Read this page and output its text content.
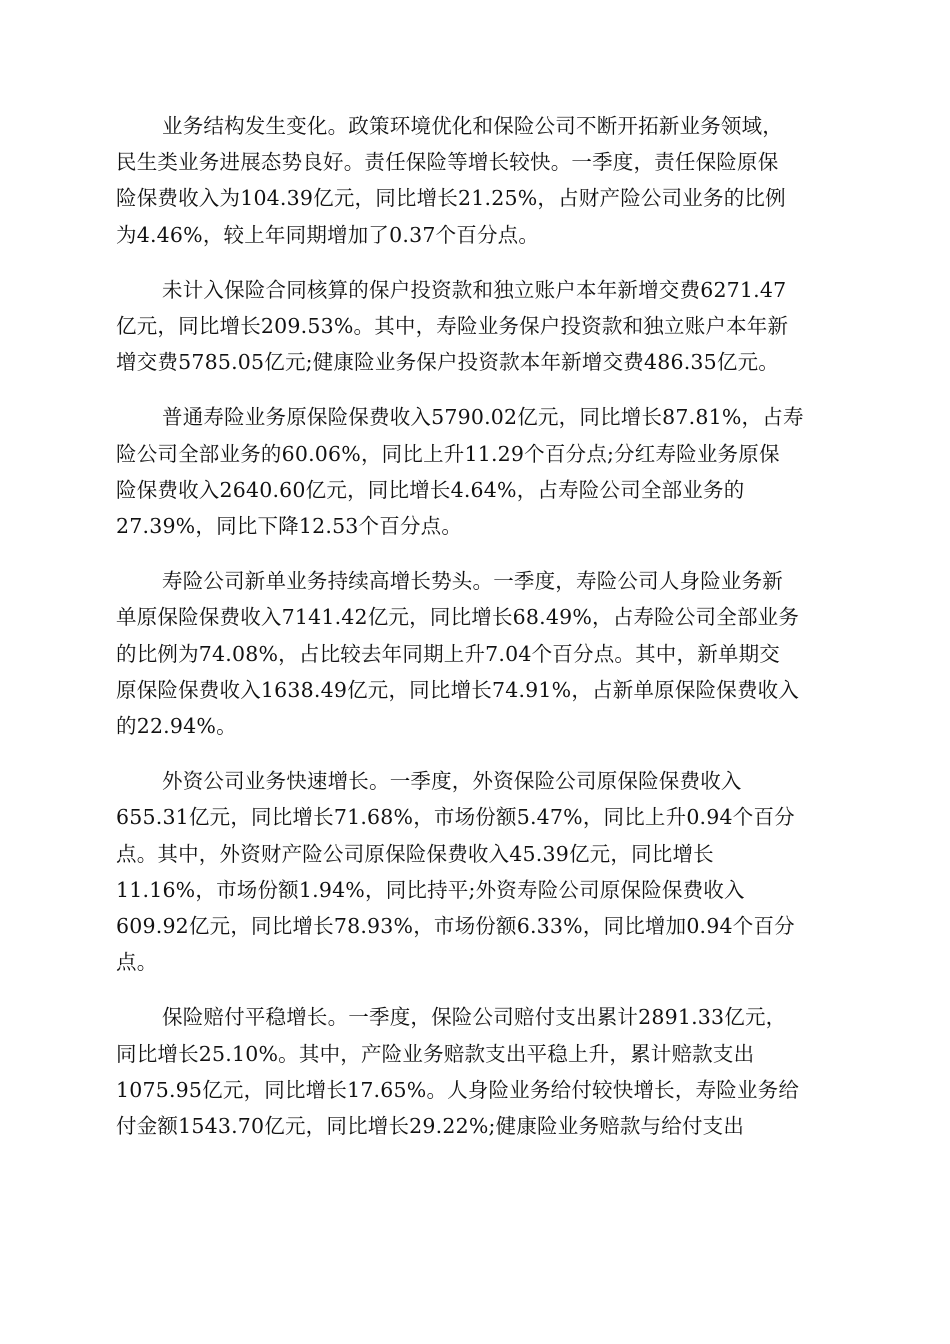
业务结构发生变化。政策环境优化和保险公司不断开拓新业务领域，
民生类业务进展态势良好。责任保险等增长较快。一季度，责任保险原保
险保费收入为104.39亿元，同比增长21.25%，占财产险公司业务的比例
为4.46%，较上年同期增加了0.37个百分点。
未计入保险合同核算的保户投资款和独立账户本年新增交费6271.47
亿元，同比增长209.53%。其中，寿险业务保户投资款和独立账户本年新
增交费5785.05亿元;健康险业务保户投资款本年新增交费486.35亿元。
普通寿险业务原保险保费收入5790.02亿元，同比增长87.81%，占寿
险公司全部业务的60.06%，同比上升11.29个百分点;分红寿险业务原保
险保费收入2640.60亿元，同比增长4.64%，占寿险公司全部业务的
27.39%，同比下降12.53个百分点。
寿险公司新单业务持续高增长势头。一季度，寿险公司人身险业务新
单原保险保费收入7141.42亿元，同比增长68.49%，占寿险公司全部业务
的比例为74.08%，占比较去年同期上升7.04个百分点。其中，新单期交
原保险保费收入1638.49亿元，同比增长74.91%，占新单原保险保费收入
的22.94%。
外资公司业务快速增长。一季度，外资保险公司原保险保费收入
655.31亿元，同比增长71.68%，市场份额5.47%，同比上升0.94个百分
点。其中，外资财产险公司原保险保费收入45.39亿元，同比增长
11.16%，市场份额1.94%，同比持平;外资寿险公司原保险保费收入
609.92亿元，同比增长78.93%，市场份额6.33%，同比增加0.94个百分
点。
保险赔付平稳增长。一季度，保险公司赔付支出累计2891.33亿元，
同比增长25.10%。其中，产险业务赔款支出平稳上升，累计赔款支出
1075.95亿元，同比增长17.65%。人身险业务给付较快增长，寿险业务给
付金额1543.70亿元，同比增长29.22%;健康险业务赔款与给付支出
